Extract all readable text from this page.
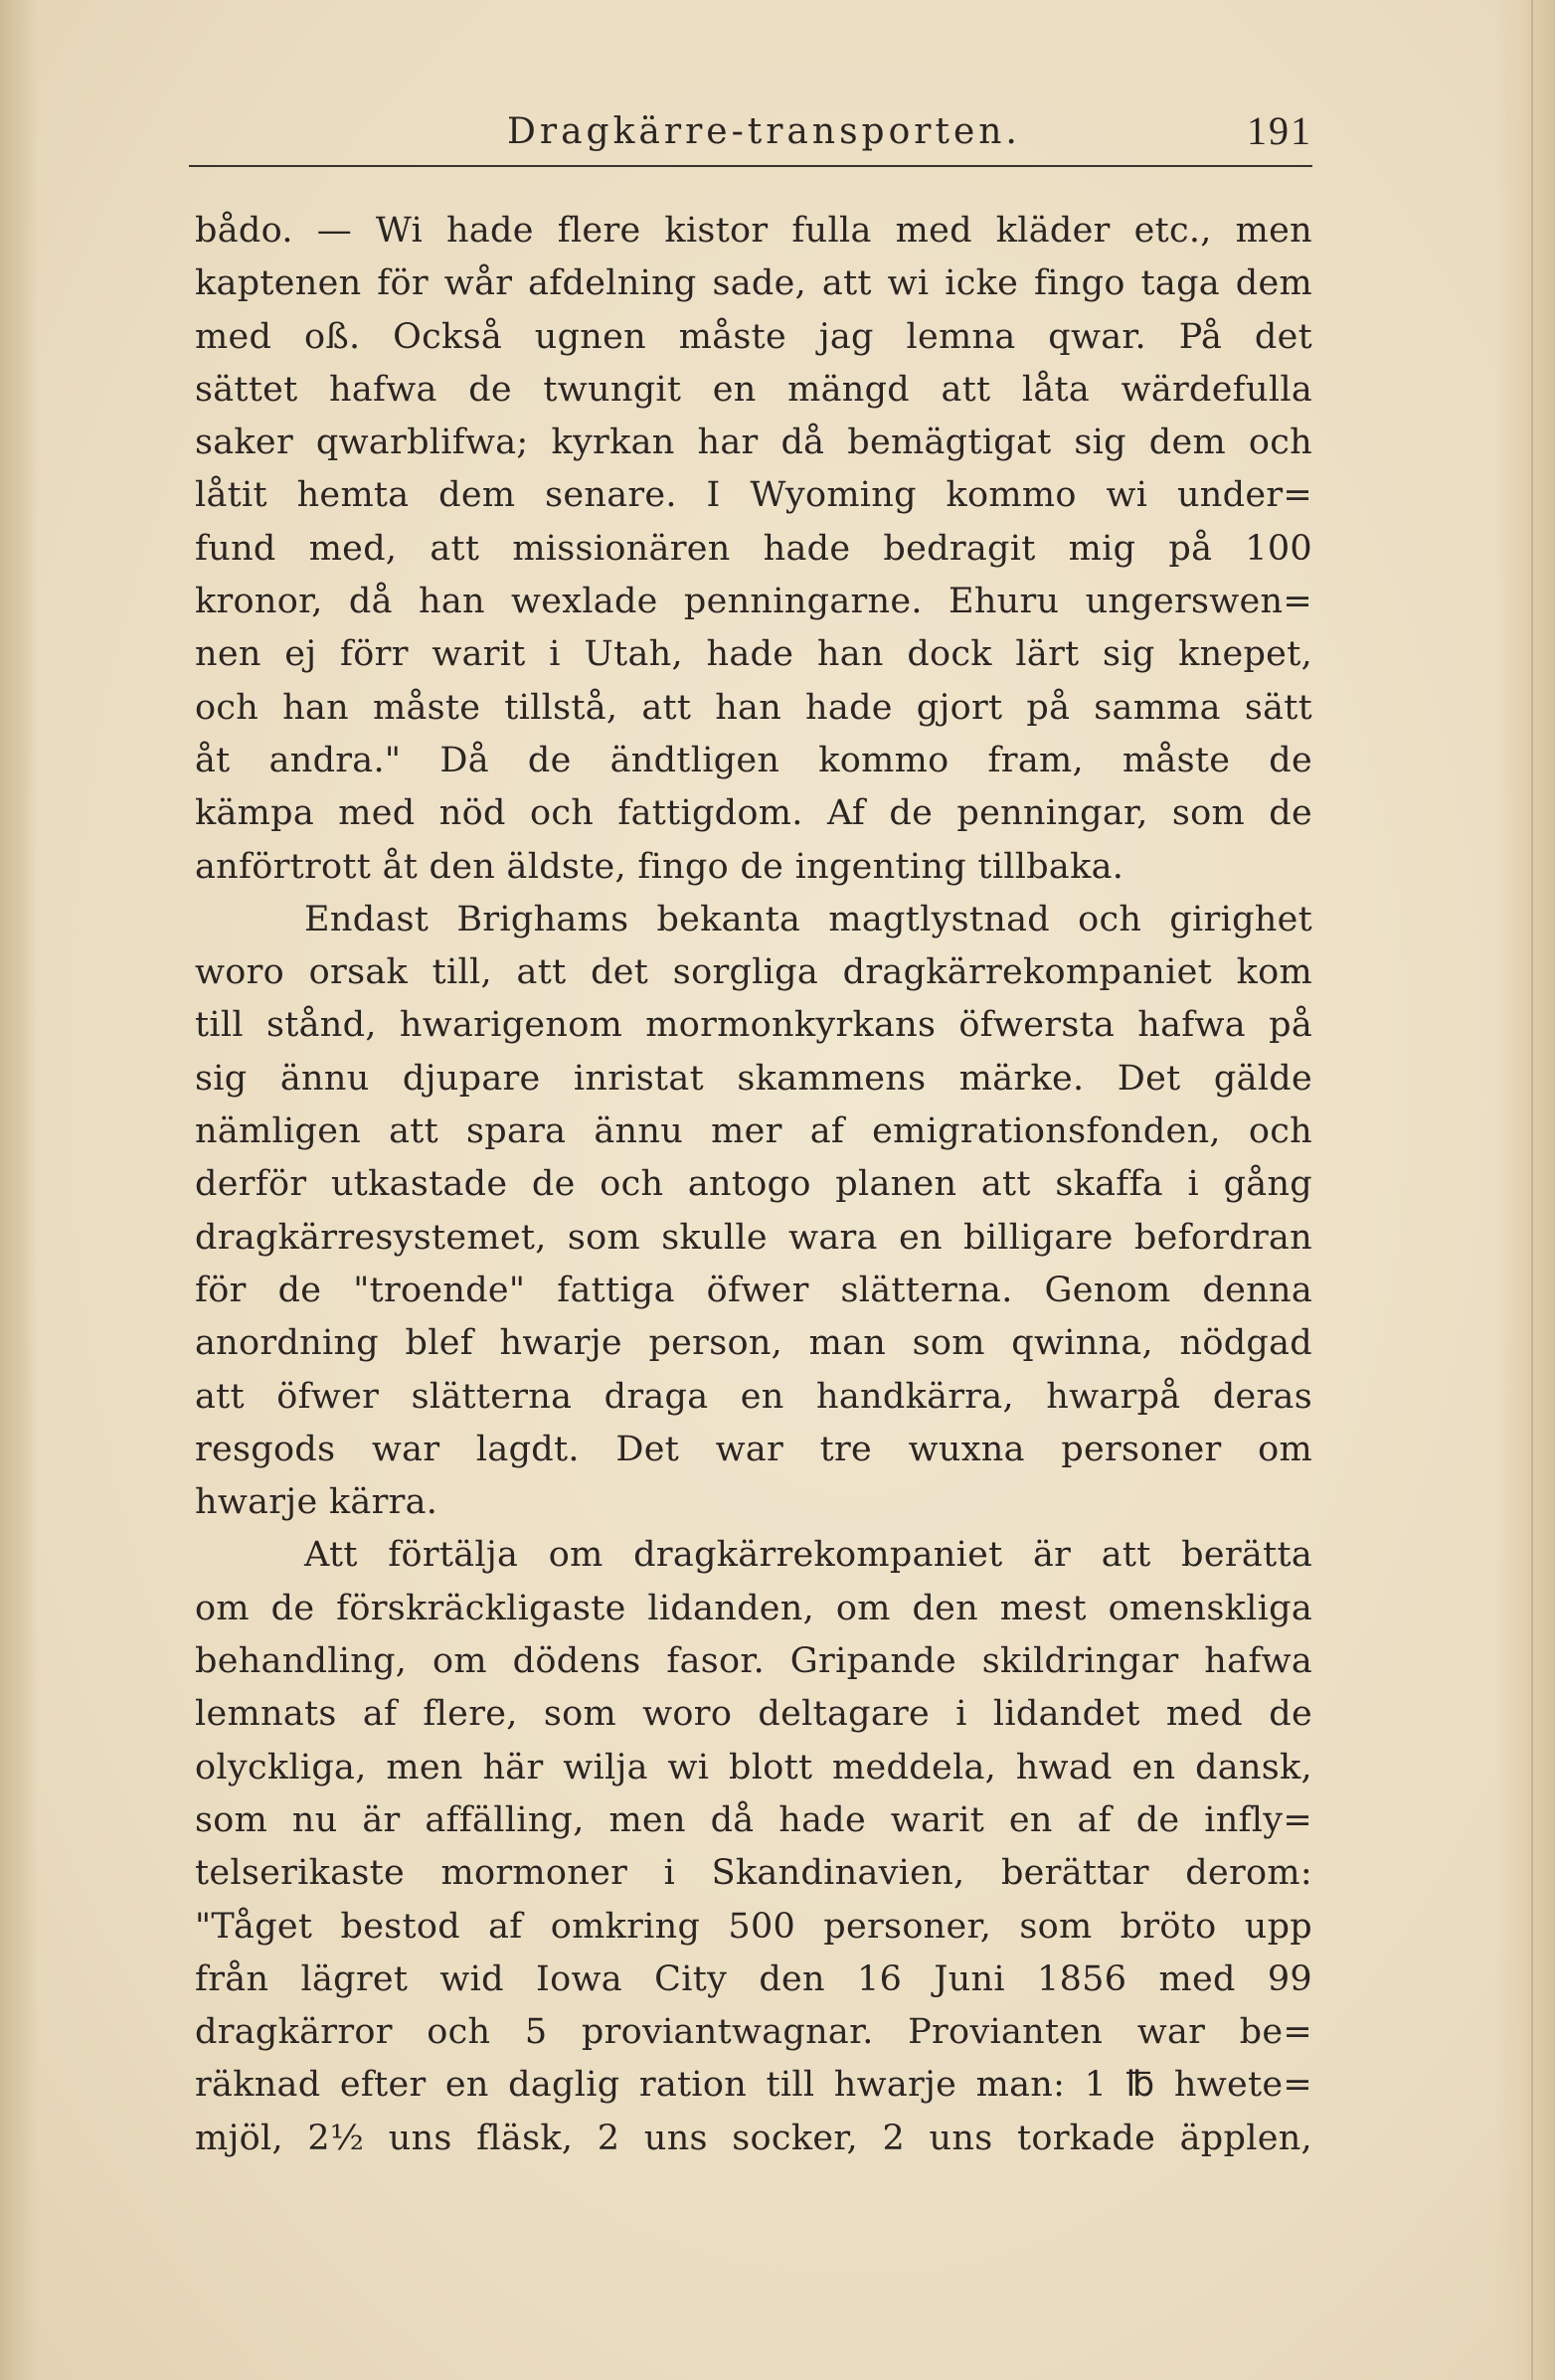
Dragkärre-transporten.	191
bådo. — Wi hade flere kistor fulla med kläder etc., men
kaptenen för wår afdelning sade, att wi icke fingo taga dem
med oß. Också ugnen måste jag lemna qwar. På det
sättet hafwa de twungit en mängd att låta wärdefulla
saker qwarblifwa; kyrkan har då bemägtigat sig dem och
låtit hemta dem senare. I Wyoming kommo wi under=
fund med, att missionären hade bedragit mig på 100
kronor, då han wexlade penningarne. Ehuru ungerswen=
nen ej förr warit i Utah, hade han dock lärt sig knepet,
och han måste tillstå, att han hade gjort på samma sätt
åt andra." Då de ändtligen kommo fram, måste de
kämpa med nöd och fattigdom. Af de penningar, som de
anförtrott åt den äldste, fingo de ingenting tillbaka.
Endast Brighams bekanta magtlystnad och girighet
woro orsak till, att det sorgliga dragkärrekompaniet kom
till stånd, hwarigenom mormonkyrkans öfwersta hafwa på
sig ännu djupare inristat skammens märke. Det gälde
nämligen att spara ännu mer af emigrationsfonden, och
derför utkastade de och antogo planen att skaffa i gång
dragkärresystemet, som skulle wara en billigare befordran
för de "troende" fattiga öfwer slätterna. Genom denna
anordning blef hwarje person, man som qwinna, nödgad
att öfwer slätterna draga en handkärra, hwarpå deras
resgods war lagdt. Det war tre wuxna personer om
hwarje kärra.
Att förtälja om dragkärrekompaniet är att berätta
om de förskräckligaste lidanden, om den mest omenskliga
behandling, om dödens fasor. Gripande skildringar hafwa
lemnats af flere, som woro deltagare i lidandet med de
olyckliga, men här wilja wi blott meddela, hwad en dansk,
som nu är affälling, men då hade warit en af de infly=
telserikaste mormoner i Skandinavien, berättar derom:
"Tåget bestod af omkring 500 personer, som bröto upp
från lägret wid Iowa City den 16 Juni 1856 med 99
dragkärror och 5 proviantwagnar. Provianten war be=
räknad efter en daglig ration till hwarje man: 1 ℔ hwete=
mjöl, 2½ uns fläsk, 2 uns socker, 2 uns torkade äpplen,
